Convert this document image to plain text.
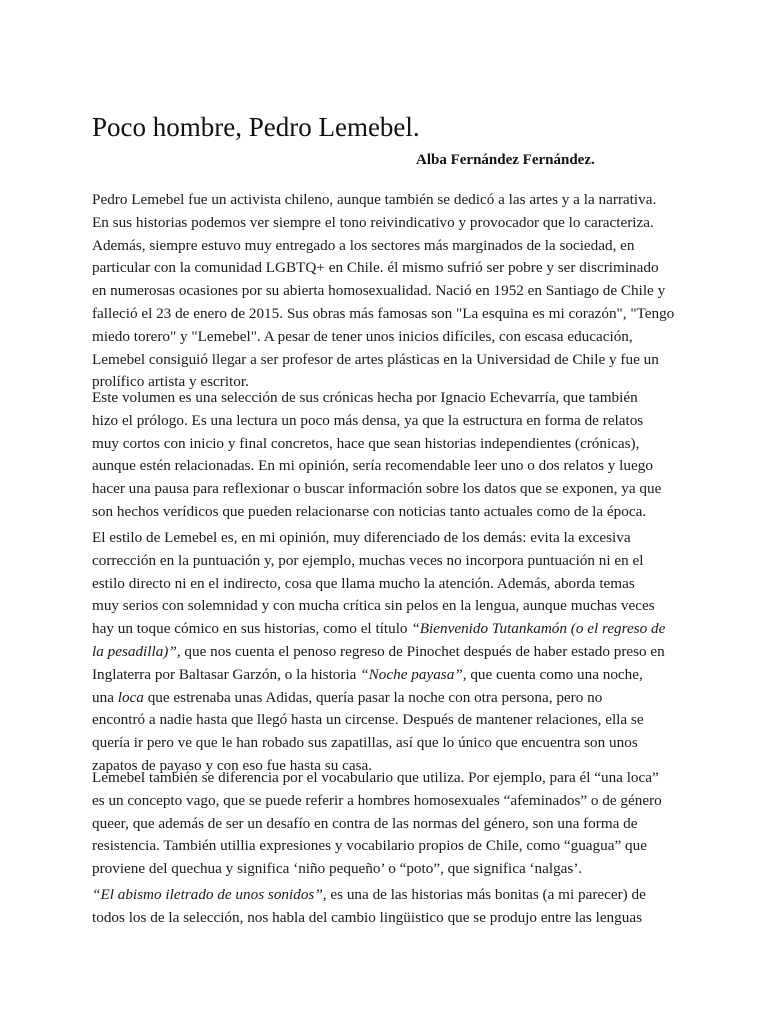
Poco hombre, Pedro Lemebel.
Alba Fernández Fernández.
Pedro Lemebel fue un activista chileno, aunque también se dedicó a las artes y a la narrativa.
En sus historias podemos ver siempre el tono reivindicativo y provocador que lo caracteriza.
Además, siempre estuvo muy entregado a los sectores más marginados de la sociedad, en
particular con la comunidad LGBTQ+ en Chile. él mismo sufrió ser pobre y ser discriminado
en numerosas ocasiones por su abierta homosexualidad. Nació en 1952 en Santiago de Chile y
falleció el 23 de enero de 2015. Sus obras más famosas son "La esquina es mi corazón", "Tengo
miedo torero" y "Lemebel". A pesar de tener unos inicios difíciles, con escasa educación,
Lemebel consiguió llegar a ser profesor de artes plásticas en la Universidad de Chile y fue un
prolífico artista y escritor.
Este volumen es una selección de sus crónicas hecha por Ignacio Echevarría, que también
hizo el prólogo. Es una lectura un poco más densa, ya que la estructura en forma de relatos
muy cortos con inicio y final concretos, hace que sean historias independientes (crónicas),
aunque estén relacionadas. En mi opinión, sería recomendable leer uno o dos relatos y luego
hacer una pausa para reflexionar o buscar información sobre los datos que se exponen, ya que
son hechos verídicos que pueden relacionarse con noticias tanto actuales como de la época.
El estilo de Lemebel es, en mi opinión, muy diferenciado de los demás: evita la excesiva
corrección en la puntuación y, por ejemplo, muchas veces no incorpora puntuación ni en el
estilo directo ni en el indirecto, cosa que llama mucho la atención. Además, aborda temas
muy serios con solemnidad y con mucha crítica sin pelos en la lengua, aunque muchas veces
hay un toque cómico en sus historias, como el título “Bienvenido Tutankamón (o el regreso de
la pesadilla)”, que nos cuenta el penoso regreso de Pinochet después de haber estado preso en
Inglaterra por Baltasar Garzón, o la historia “Noche payasa”, que cuenta como una noche,
una loca que estrenaba unas Adidas, quería pasar la noche con otra persona, pero no
encontró a nadie hasta que llegó hasta un circense. Después de mantener relaciones, ella se
quería ir pero ve que le han robado sus zapatillas, así que lo único que encuentra son unos
zapatos de payaso y con eso fue hasta su casa.
Lemebel también se diferencia por el vocabulario que utiliza. Por ejemplo, para él “una loca”
es un concepto vago, que se puede referir a hombres homosexuales “afeminados” o de género
queer, que además de ser un desafío en contra de las normas del género, son una forma de
resistencia. También utillia expresiones y vocabilario propios de Chile, como “guagua” que
proviene del quechua y significa ‘niño pequeño’ o “poto”, que significa ‘nalgas’.
“El abismo iletrado de unos sonidos”, es una de las historias más bonitas (a mi parecer) de
todos los de la selección, nos habla del cambio lingüistico que se produjo entre las lenguas
